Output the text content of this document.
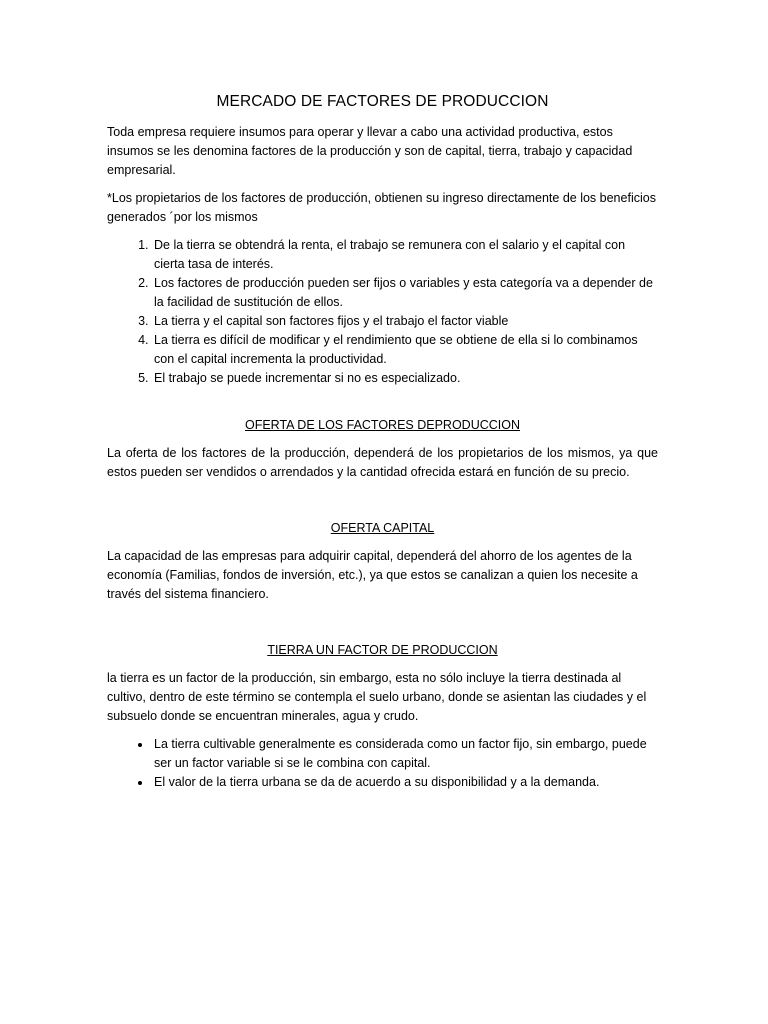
MERCADO DE FACTORES DE PRODUCCION

Toda empresa requiere insumos para operar y llevar a cabo una actividad productiva, estos insumos se les denomina factores de la producción y son de capital, tierra, trabajo y capacidad empresarial.

*Los propietarios de los factores de producción, obtienen su ingreso directamente de los beneficios generados ´por los mismos

1. De la tierra se obtendrá la renta, el trabajo se remunera con el salario y el capital con cierta tasa de interés.
2. Los factores de producción pueden ser fijos o variables y esta categoría va a depender de la facilidad de sustitución de ellos.
3. La tierra y el capital son factores fijos y el trabajo el factor viable
4. La tierra es difícil de modificar y el rendimiento que se obtiene de ella si lo combinamos con el capital incrementa la productividad.
5. El trabajo se puede incrementar si no es especializado.
OFERTA DE LOS FACTORES DEPRODUCCION

La oferta de los factores de la producción, dependerá de los propietarios de los mismos, ya que estos pueden ser vendidos o arrendados y la cantidad ofrecida estará en función de su precio.

OFERTA CAPITAL

La capacidad de las empresas para adquirir capital, dependerá del ahorro de los agentes de la economía (Familias, fondos de inversión, etc.), ya que estos se canalizan a quien los necesite a través del sistema financiero.

TIERRA UN FACTOR DE PRODUCCION

la tierra es un factor de la producción, sin embargo, esta no sólo incluye la tierra destinada al cultivo, dentro de este término se contempla el suelo urbano, donde se asientan las ciudades y el subsuelo donde se encuentran minerales, agua y crudo.

• La tierra cultivable generalmente es considerada como un factor fijo, sin embargo, puede ser un factor variable si se le combina con capital.
• El valor de la tierra urbana se da de acuerdo a su disponibilidad y a la demanda.
